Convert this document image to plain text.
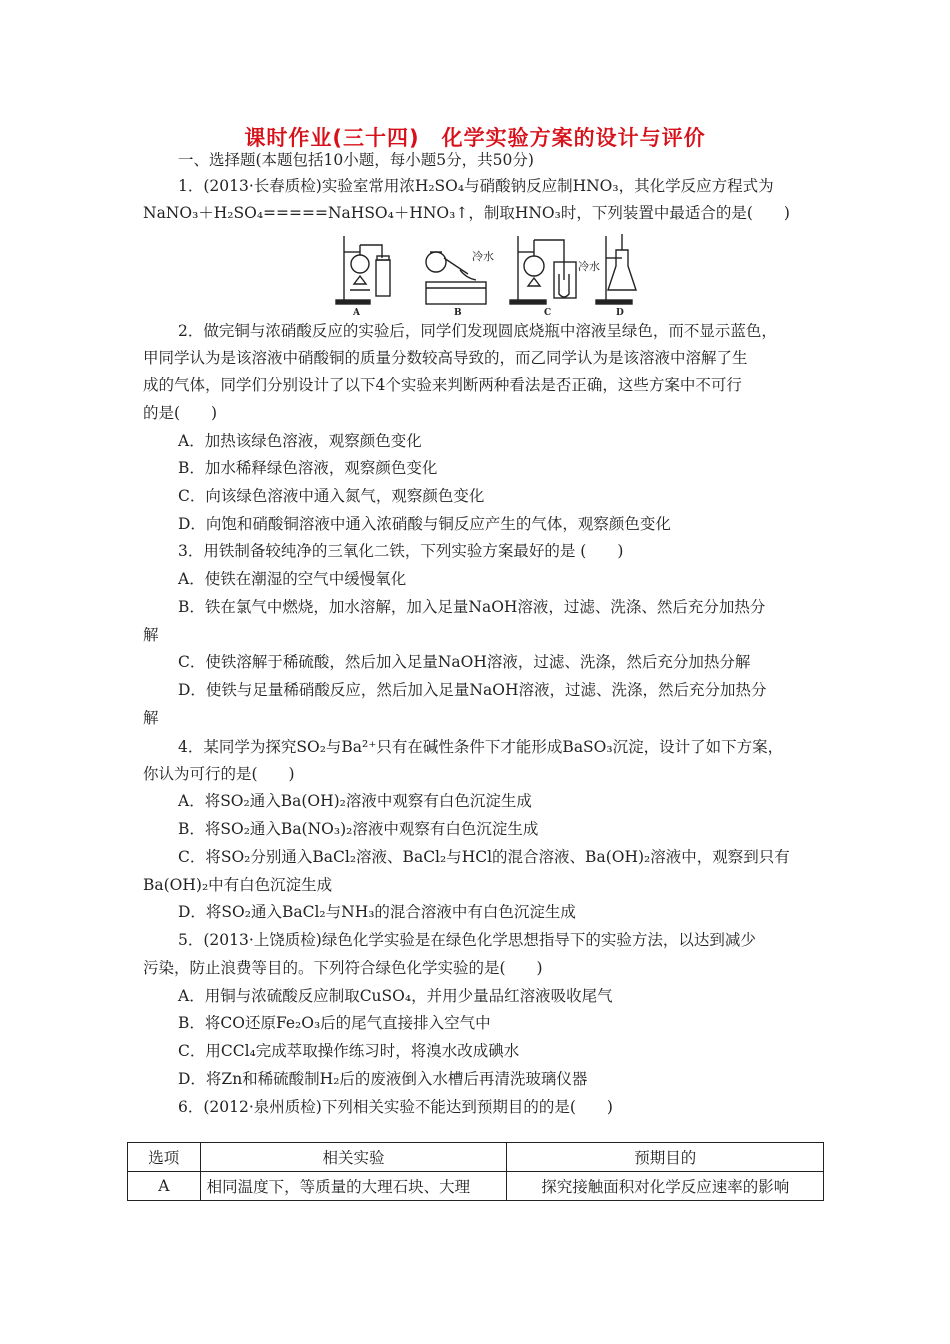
课时作业(三十四)　化学实验方案的设计与评价
一、选择题(本题包括10小题，每小题5分，共50分)
1．(2013·长春质检)实验室常用浓H₂SO₄与硝酸钠反应制HNO₃，其化学反应方程式为
NaNO₃＋H₂SO₄=====NaHSO₄＋HNO₃↑，制取HNO₃时，下列装置中最适合的是(　　)
A	B	C	D
冷水
冷水
2．做完铜与浓硝酸反应的实验后，同学们发现圆底烧瓶中溶液呈绿色，而不显示蓝色，
甲同学认为是该溶液中硝酸铜的质量分数较高导致的，而乙同学认为是该溶液中溶解了生
成的气体，同学们分别设计了以下4个实验来判断两种看法是否正确，这些方案中不可行
的是(　　)
A．加热该绿色溶液，观察颜色变化
B．加水稀释绿色溶液，观察颜色变化
C．向该绿色溶液中通入氮气，观察颜色变化
D．向饱和硝酸铜溶液中通入浓硝酸与铜反应产生的气体，观察颜色变化
3．用铁制备较纯净的三氧化二铁，下列实验方案最好的是 (　　)
A．使铁在潮湿的空气中缓慢氧化
B．铁在氯气中燃烧，加水溶解，加入足量NaOH溶液，过滤、洗涤、然后充分加热分
解
C．使铁溶解于稀硫酸，然后加入足量NaOH溶液，过滤、洗涤，然后充分加热分解
D．使铁与足量稀硝酸反应，然后加入足量NaOH溶液，过滤、洗涤，然后充分加热分
解
4．某同学为探究SO₂与Ba²⁺只有在碱性条件下才能形成BaSO₃沉淀，设计了如下方案，
你认为可行的是(　　)
A．将SO₂通入Ba(OH)₂溶液中观察有白色沉淀生成
B．将SO₂通入Ba(NO₃)₂溶液中观察有白色沉淀生成
C．将SO₂分别通入BaCl₂溶液、BaCl₂与HCl的混合溶液、Ba(OH)₂溶液中，观察到只有
Ba(OH)₂中有白色沉淀生成
D．将SO₂通入BaCl₂与NH₃的混合溶液中有白色沉淀生成
5．(2013·上饶质检)绿色化学实验是在绿色化学思想指导下的实验方法，以达到减少
污染，防止浪费等目的。下列符合绿色化学实验的是(　　)
A．用铜与浓硫酸反应制取CuSO₄，并用少量品红溶液吸收尾气
B．将CO还原Fe₂O₃后的尾气直接排入空气中
C．用CCl₄完成萃取操作练习时，将溴水改成碘水
D．将Zn和稀硫酸制H₂后的废液倒入水槽后再清洗玻璃仪器
6．(2012·泉州质检)下列相关实验不能达到预期目的的是(　　)
选项	相关实验	预期目的
A	相同温度下，等质量的大理石块、大理	探究接触面积对化学反应速率的影响
